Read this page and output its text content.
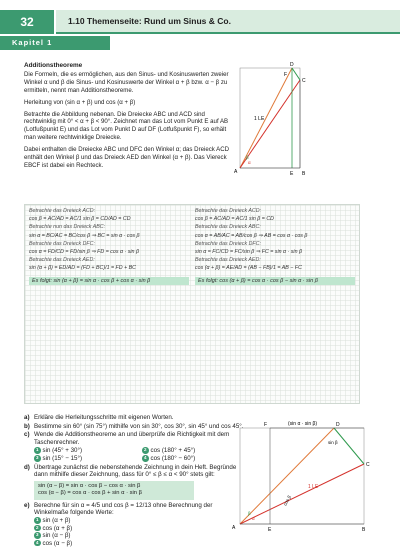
32	1.10 Themenseite: Rund um Sinus & Co.
Kapitel 1
Additionstheoreme

Die Formeln, die es ermöglichen, aus den Sinus- und Kosinuswerten zweier Winkel α und β die Sinus- und Kosinuswerte der Winkel α + β bzw. α − β zu ermitteln, nennt man Additionstheoreme.

Herleitung von (sin α + β) und cos (α + β)

Betrachte die Abbildung nebenan. Die Dreiecke ABC und ACD sind rechtwinklig mit 0° < α + β < 90°. Zeichnet man das Lot vom Punkt E auf AB (Lotfußpunkt E) und das Lot vom Punkt D auf DF (Lotfußpunkt F), so erhält man weitere rechtwinklige Dreiecke.

Dabei enthalten die Dreiecke ABC und DFC den Winkel α; das Dreieck ACD enthält den Winkel β und das Dreieck AED den Winkel (α + β). Das Viereck EBCF ist dabei ein Rechteck.

D
F
C
A	E B
1 LE
α
β
Betrachte das Dreieck ACD:
cos β = AC/AD = AC/1 sin β = CD/AD = CD
Betrachte nun das Dreieck ABC:
sin α = BC/AC = BC/cos β ⇒ BC = sin α · cos β
Betrachte das Dreieck DFC:
cos α = FD/CD = FD/sin β ⇒ FD = cos α · sin β
Betrachte das Dreieck AED:
sin (α + β) = ED/AD = (FD + BC)/1 = FD + BC
Es folgt: sin (α + β) = sin α · cos β + cos α · sin β
Betrachte das Dreieck ACD:
cos β = AC/AD = AC/1 sin β = CD
Betrachte das Dreieck ABC:
cos α = AB/AC = AB/cos β ⇒ AB = cos α · cos β
Betrachte das Dreieck DFC:
sin α = FC/CD = FC/sin β ⇒ FC = sin α · sin β
Betrachte das Dreieck AED:
cos (α + β) = AE/AD = (AB − FB)/1 = AB − FC
Es folgt: cos (α + β) = cos α · cos β − sin α · sin β
a) Erkläre die Herleitungsschritte mit eigenen Worten.
b) Bestimme sin 60° (sin 75°) mithilfe von sin 30°, cos 30°, sin 45° und cos 45°.
c) Wende die Additionstheoreme an und überprüfe die Richtigkeit mit dem Taschenrechner.
1 sin (45° + 30°)	2 cos (180° + 45°)
3 sin (15° − 15°)	4 cos (180° − 60°)
d) Übertrage zunächst die nebenstehende Zeichnung in dein Heft. Begründe dann mithilfe dieser Zeichnung, dass für 0° ≤ β ≤ α < 90° stets gilt:
sin (α − β) = sin α · cos β − cos α · sin β
cos (α − β) = cos α · cos β + sin α · sin β
e) Berechne für sin α = 4/5 und cos β = 12/13 ohne Berechnung der Winkelmaße folgende Werte:
1 sin (α + β)
2 cos (α + β)
3 sin (α − β)
4 cos (α − β)
(sin α · sin β)
F	D
C
A	E	B
1 LE
sin β
cos β
α
β
